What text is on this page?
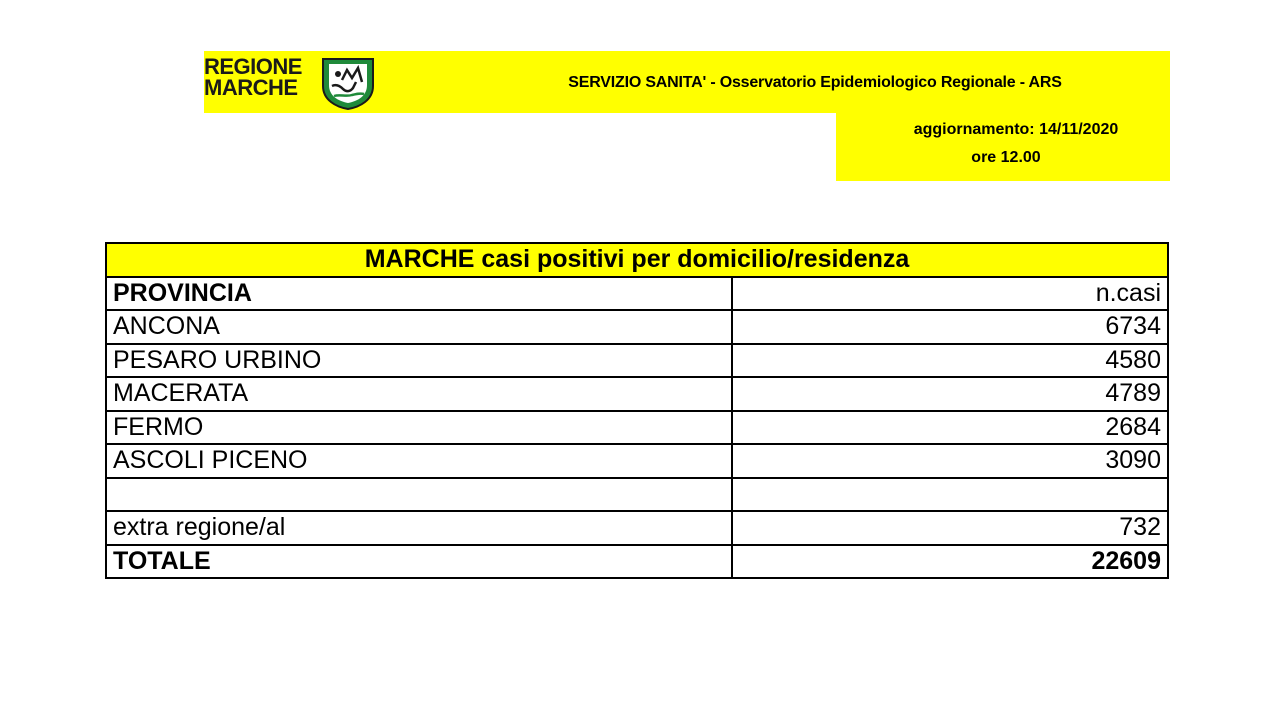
REGIONE
MARCHE	SERVIZIO SANITA' - Osservatorio Epidemiologico Regionale - ARS
aggiornamento: 14/11/2020
ore 12.00
MARCHE casi positivi per domicilio/residenza	
PROVINCIA	n.casi
ANCONA	6734
PESARO URBINO	4580
MACERATA	4789
FERMO	2684
ASCOLI PICENO	3090

extra regione/al	732
TOTALE	22609
